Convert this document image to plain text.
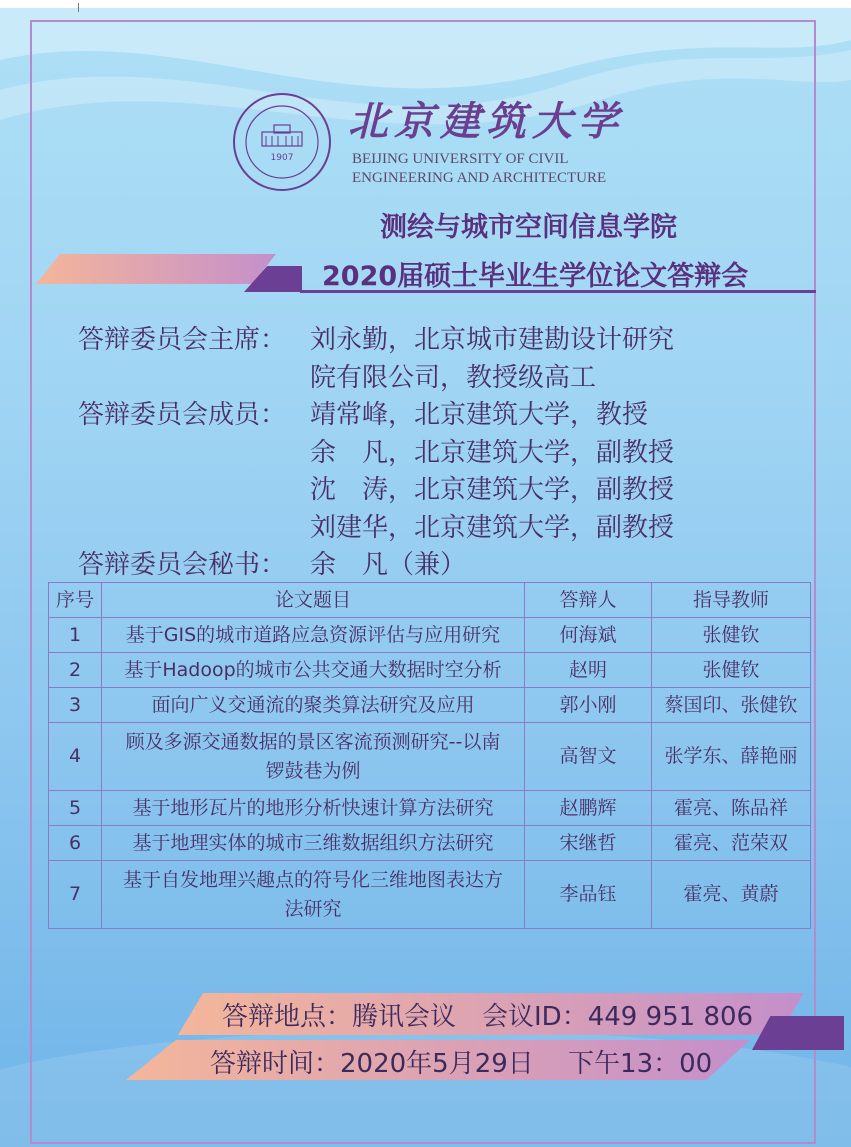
1907
北京建筑大学
BEIJING UNIVERSITY OF CIVIL
ENGINEERING AND ARCHITECTURE
测绘与城市空间信息学院
2020届硕士毕业生学位论文答辩会
答辩委员会主席： 刘永勤，北京城市建勘设计研究
院有限公司，教授级高工
答辩委员会成员： 靖常峰，北京建筑大学，教授
余　凡，北京建筑大学，副教授
沈　涛，北京建筑大学，副教授
刘建华，北京建筑大学，副教授
答辩委员会秘书： 余　凡（兼）
序号	论文题目	答辩人	指导教师
1	基于GIS的城市道路应急资源评估与应用研究	何海斌	张健钦
2	基于Hadoop的城市公共交通大数据时空分析	赵明	张健钦
3	面向广义交通流的聚类算法研究及应用	郭小刚	蔡国印、张健钦
4	顾及多源交通数据的景区客流预测研究--以南
锣鼓巷为例	高智文	张学东、薛艳丽
5	基于地形瓦片的地形分析快速计算方法研究	赵鹏辉	霍亮、陈品祥
6	基于地理实体的城市三维数据组织方法研究	宋继哲	霍亮、范荣双
7	基于自发地理兴趣点的符号化三维地图表达方
法研究	李品钰	霍亮、黄蔚
答辩地点：腾讯会议　会议ID：449 951 806
答辩时间：2020年5月29日　 下午13：00
